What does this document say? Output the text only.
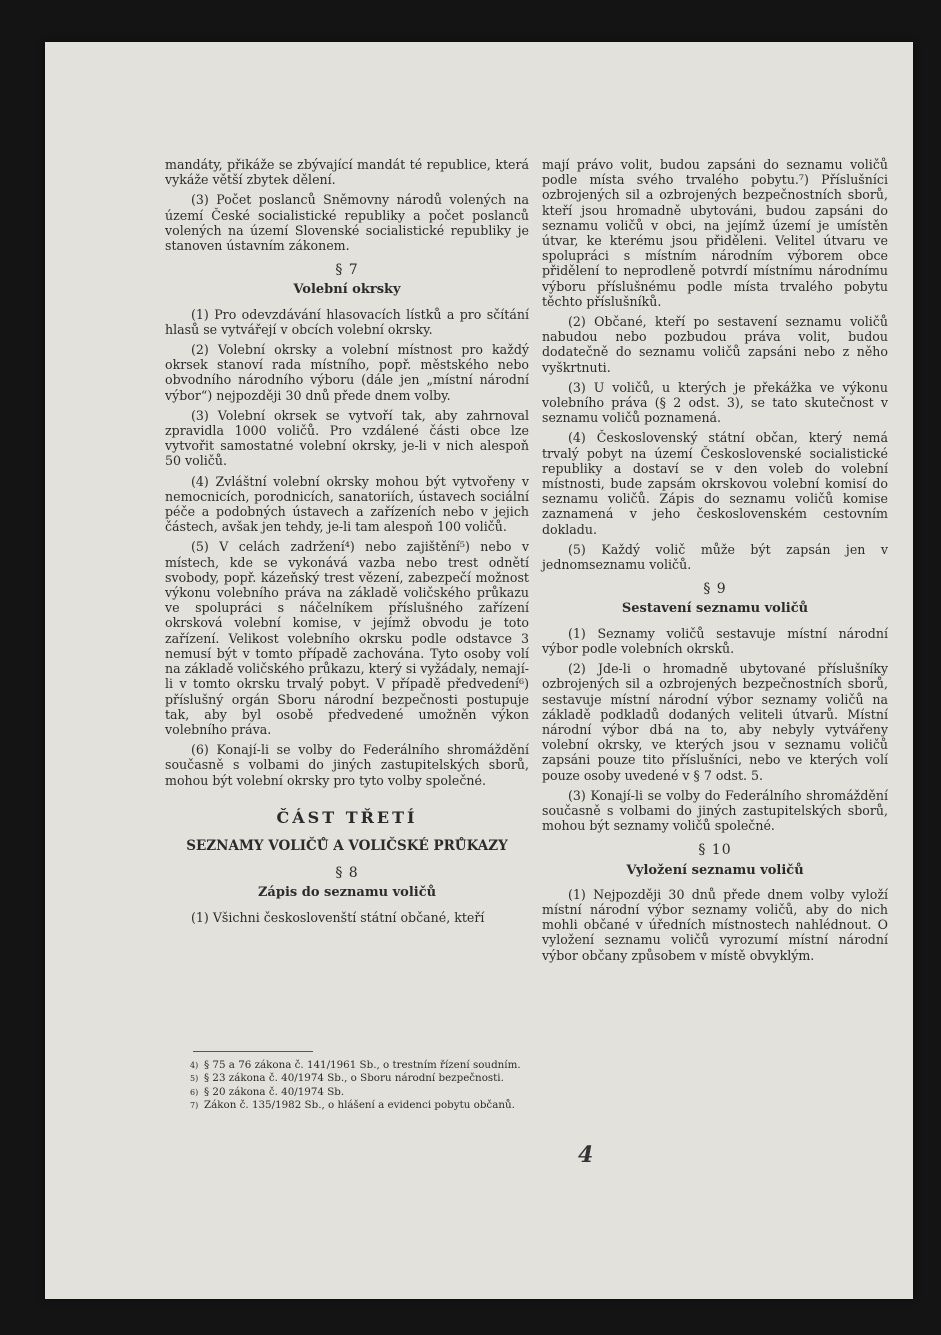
mandáty, přikáže se zbývající mandát té republice, která vykáže větší zbytek dělení.

(3) Počet poslanců Sněmovny národů volených na území České socialistické republiky a počet poslanců volených na území Slovenské socialistické republiky je stanoven ústavním zákonem.

§ 7
Volební okrsky

(1) Pro odevzdávání hlasovacích lístků a pro sčítání hlasů se vytvářejí v obcích volební okrsky.

(2) Volební okrsky a volební místnost pro každý okrsek stanoví rada místního, popř. městského nebo obvodního národního výboru (dále jen „místní národní výbor“) nejpozději 30 dnů přede dnem volby.

(3) Volební okrsek se vytvoří tak, aby zahrnoval zpravidla 1000 voličů. Pro vzdálené části obce lze vytvořit samostatné volební okrsky, je-li v nich alespoň 50 voličů.

(4) Zvláštní volební okrsky mohou být vytvořeny v nemocnicích, porodnicích, sanatoriích, ústavech sociální péče a podobných ústavech a zařízeních nebo v jejich částech, avšak jen tehdy, je-li tam alespoň 100 voličů.

(5) V celách zadržení⁴) nebo zajištění⁵) nebo v místech, kde se vykonává vazba nebo trest odnětí svobody, popř. kázeňský trest vězení, zabezpečí možnost výkonu volebního práva na základě voličského průkazu ve spolupráci s náčelníkem příslušného zařízení okrsková volební komise, v jejímž obvodu je toto zařízení. Velikost volebního okrsku podle odstavce 3 nemusí být v tomto případě zachována. Tyto osoby volí na základě voličského průkazu, který si vyžádaly, nemají-li v tomto okrsku trvalý pobyt. V případě předvedení⁶) příslušný orgán Sboru národní bezpečnosti postupuje tak, aby byl osobě předvedené umožněn výkon volebního práva.

(6) Konají-li se volby do Federálního shromáždění současně s volbami do jiných zastupitelských sborů, mohou být volební okrsky pro tyto volby společné.

ČÁST TŘETÍ
SEZNAMY VOLIČŮ A VOLIČSKÉ PRŮKAZY
§ 8
Zápis do seznamu voličů

(1) Všichni českoslovenští státní občané, kteří

mají právo volit, budou zapsáni do seznamu voličů podle místa svého trvalého pobytu.⁷) Příslušníci ozbrojených sil a ozbrojených bezpečnostních sborů, kteří jsou hromadně ubytováni, budou zapsáni do seznamu voličů v obci, na jejímž území je umístěn útvar, ke kterému jsou přiděleni. Velitel útvaru ve spolupráci s místním národním výborem obce přidělení to neprodleně potvrdí místnímu národnímu výboru příslušnému podle místa trvalého pobytu těchto příslušníků.

(2) Občané, kteří po sestavení seznamu voličů nabudou nebo pozbudou práva volit, budou dodatečně do seznamu voličů zapsáni nebo z něho vyškrtnuti.

(3) U voličů, u kterých je překážka ve výkonu volebního práva (§ 2 odst. 3), se tato skutečnost v seznamu voličů poznamená.

(4) Československý státní občan, který nemá trvalý pobyt na území Československé socialistické republiky a dostaví se v den voleb do volební místnosti, bude zapsám okrskovou volební komisí do seznamu voličů. Zápis do seznamu voličů komise zaznamená v jeho československém cestovním dokladu.

(5) Každý volič může být zapsán jen v jednomseznamu voličů.

§ 9
Sestavení seznamu voličů

(1) Seznamy voličů sestavuje místní národní výbor podle volebních okrsků.

(2) Jde-li o hromadně ubytované příslušníky ozbrojených sil a ozbrojených bezpečnostních sborů, sestavuje místní národní výbor seznamy voličů na základě podkladů dodaných veliteli útvarů. Místní národní výbor dbá na to, aby nebyly vytvářeny volební okrsky, ve kterých jsou v seznamu voličů zapsáni pouze tito příslušníci, nebo ve kterých volí pouze osoby uvedené v § 7 odst. 5.

(3) Konají-li se volby do Federálního shromáždění současně s volbami do jiných zastupitelských sborů, mohou být seznamy voličů společné.

§ 10
Vyložení seznamu voličů

(1) Nejpozději 30 dnů přede dnem volby vyloží místní národní výbor seznamy voličů, aby do nich mohli občané v úředních místnostech nahlédnout. O vyložení seznamu voličů vyrozumí místní národní výbor občany způsobem v místě obvyklým.

4) § 75 a 76 zákona č. 141/1961 Sb., o trestním řízení soudním.
5) § 23 zákona č. 40/1974 Sb., o Sboru národní bezpečnosti.
6) § 20 zákona č. 40/1974 Sb.
7) Zákon č. 135/1982 Sb., o hlášení a evidenci pobytu občanů.
4
